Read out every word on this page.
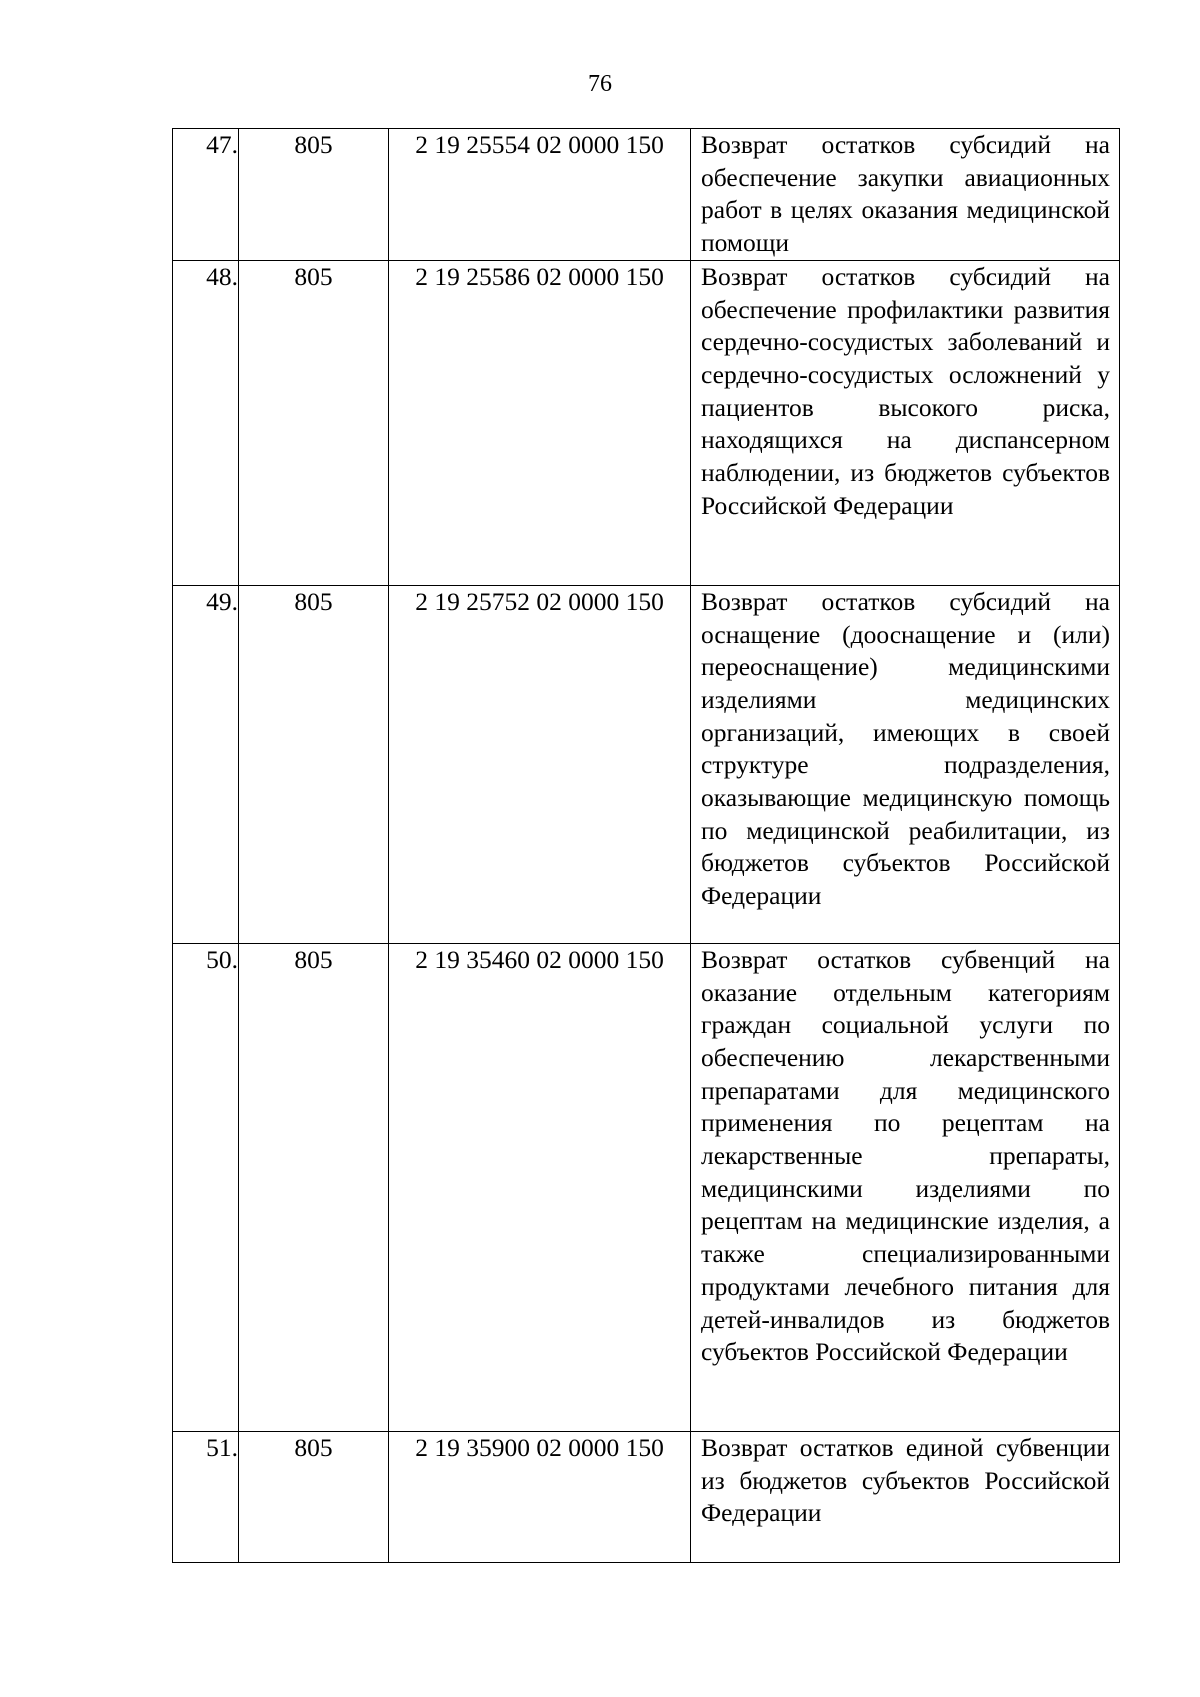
76
47.	805	2 19 25554 02 0000 150	Возврат остатков субсидий на обеспечение закупки авиационных работ в целях оказания медицинской помощи
48.	805	2 19 25586 02 0000 150	Возврат остатков субсидий на обеспечение профилактики развития сердечно-сосудистых заболеваний и сердечно-сосудистых осложнений у пациентов высокого риска, находящихся на диспансерном наблюдении, из бюджетов субъектов Российской Федерации
49.	805	2 19 25752 02 0000 150	Возврат остатков субсидий на оснащение (дооснащение и (или) переоснащение) медицинскими изделиями медицинских организаций, имеющих в своей структуре подразделения, оказывающие медицинскую помощь по медицинской реабилитации, из бюджетов субъектов Российской Федерации
50.	805	2 19 35460 02 0000 150	Возврат остатков субвенций на оказание отдельным категориям граждан социальной услуги по обеспечению лекарственными препаратами для медицинского применения по рецептам на лекарственные препараты, медицинскими изделиями по рецептам на медицинские изделия, а также специализированными продуктами лечебного питания для детей-инвалидов из бюджетов субъектов Российской Федерации
51.	805	2 19 35900 02 0000 150	Возврат остатков единой субвенции из бюджетов субъектов Российской Федерации
